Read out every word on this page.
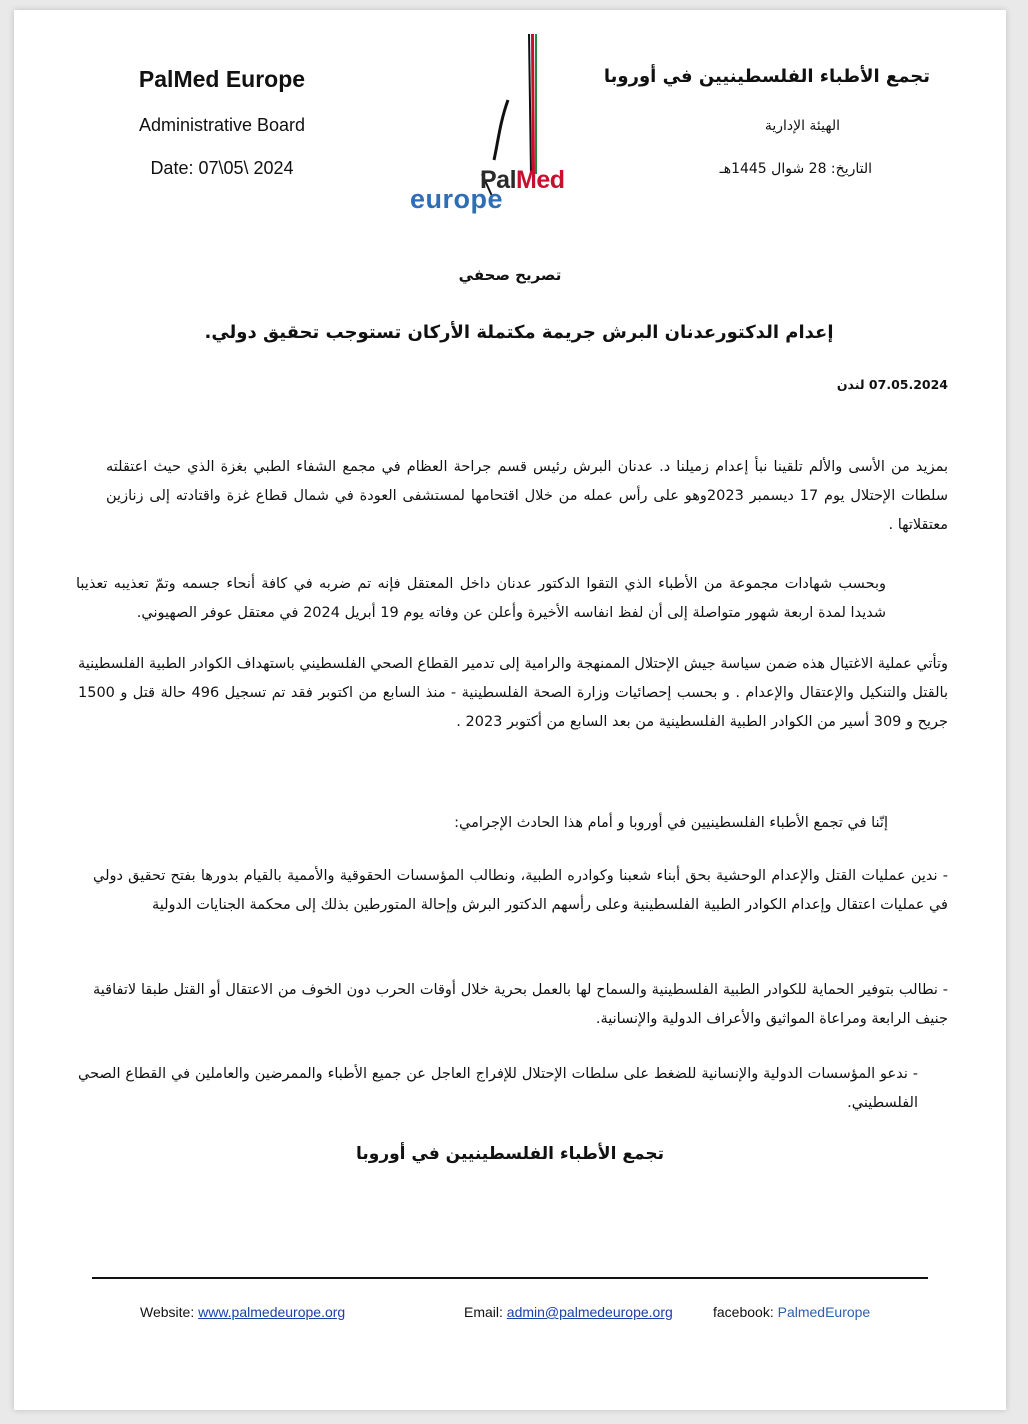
PalMed Europe
Administrative Board
Date: 07\05\ 2024	PalMed
europe
تجمع الأطباء الفلسطينيين في أوروبا
الهيئة الإدارية
التاريخ: 28 شوال 1445هـ
تصريح صحفي
إعدام الدكتورعدنان البرش جريمة مكتملة الأركان تستوجب تحقيق دولي.
07.05.2024 لندن
بمزيد من الأسى والألم تلقينا نبأ إعدام زميلنا د. عدنان البرش رئيس قسم جراحة العظام في مجمع الشفاء الطبي بغزة الذي حيث اعتقلته سلطات الإحتلال يوم 17 ديسمبر 2023وهو على رأس عمله من خلال اقتحامها لمستشفى العودة في شمال قطاع غزة واقتادته إلى زنازين معتقلاتها .
وبحسب شهادات مجموعة من الأطباء الذي التقوا الدكتور عدنان داخل المعتقل فإنه تم ضربه في كافة أنحاء جسمه وتمّ تعذيبه تعذيبا شديدا لمدة اربعة شهور متواصلة إلى أن لفظ انفاسه الأخيرة وأعلن عن وفاته يوم 19 أبريل 2024 في معتقل عوفر الصهيوني.
وتأتي عملية الاغتيال هذه ضمن سياسة جيش الإحتلال الممنهجة والرامية إلى تدمير القطاع الصحي الفلسطيني باستهداف الكوادر الطبية الفلسطينية بالقتل والتنكيل والإعتقال والإعدام . و بحسب إحصائيات وزارة الصحة الفلسطينية - منذ السابع من اكتوبر فقد تم تسجيل 496 حالة قتل و 1500 جريح و 309 أسير من الكوادر الطبية الفلسطينية من بعد السابع من أكتوبر 2023 .
إنّنا في تجمع الأطباء الفلسطينيين في أوروبا و أمام هذا الحادث الإجرامي:
- ندين عمليات القتل والإعدام الوحشية بحق أبناء شعبنا وكوادره الطبية، ونطالب المؤسسات الحقوقية والأممية بالقيام بدورها بفتح تحقيق دولي في عمليات اعتقال وإعدام الكوادر الطبية الفلسطينية وعلى رأسهم الدكتور البرش وإحالة المتورطين بذلك إلى محكمة الجنايات الدولية
- نطالب بتوفير الحماية للكوادر الطبية الفلسطينية والسماح لها بالعمل بحرية خلال أوقات الحرب دون الخوف من الاعتقال أو القتل طبقا لاتفاقية جنيف الرابعة ومراعاة المواثيق والأعراف الدولية والإنسانية.
- ندعو المؤسسات الدولية والإنسانية للضغط على سلطات الإحتلال للإفراج العاجل عن جميع الأطباء والممرضين والعاملين في القطاع الصحي الفلسطيني.
تجمع الأطباء الفلسطينيين في أوروبا
Website: www.palmedeurope.org	Email: admin@palmedeurope.org	facebook: PalmedEurope
